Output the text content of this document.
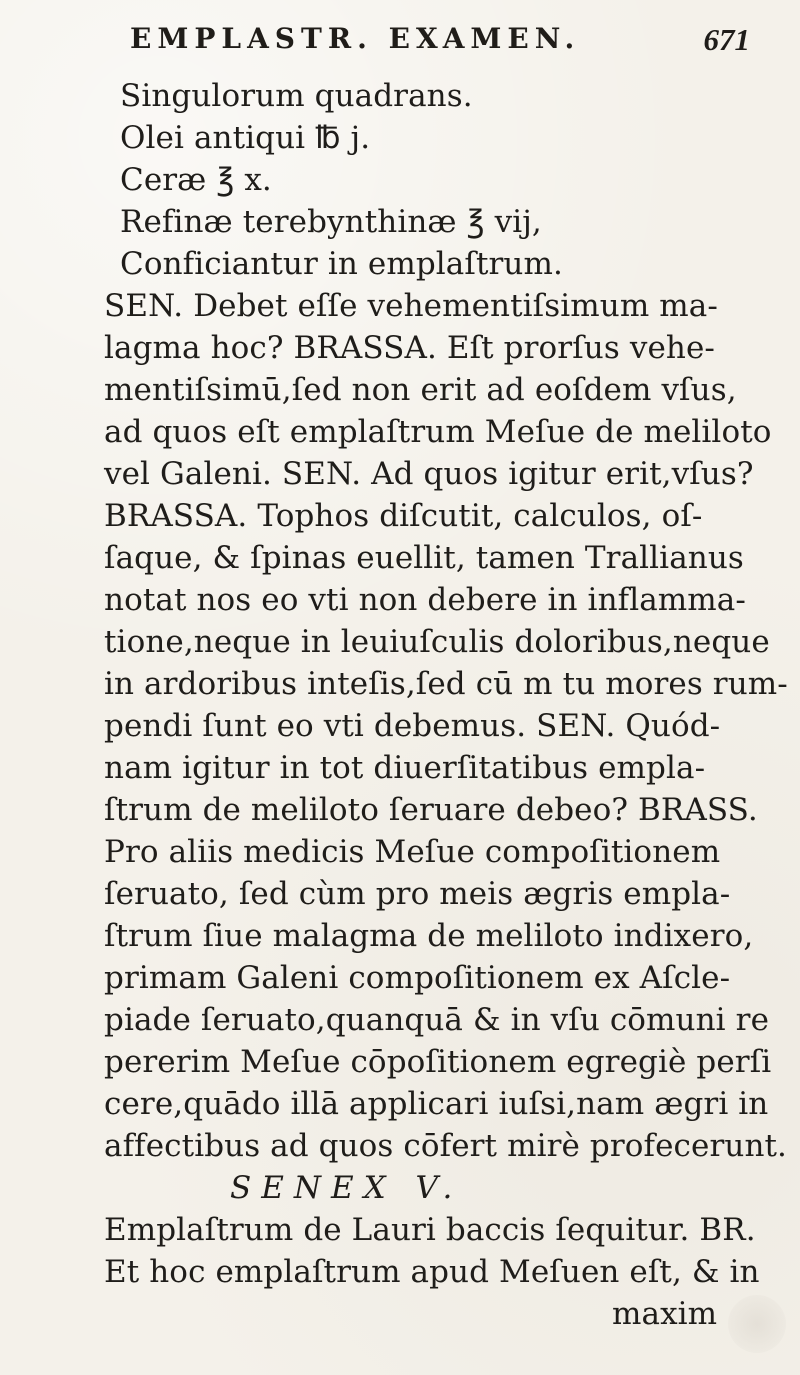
EMPLASTR. EXAMEN.	671
Singulorum quadrans.
Olei antiqui ℔ j.
Ceræ ℥ x.
Refinæ terebynthinæ ℥ vij,
Conficiantur in emplaſtrum.
SEN. Debet eſſe vehementiſsimum ma-
lagma hoc? BRASSA. Eſt prorſus vehe-
mentiſsimū,ſed non erit ad eoſdem vſus,
ad quos eſt emplaſtrum Meſue de meliloto
vel Galeni. SEN. Ad quos igitur erit,vſus?
BRASSA. Tophos diſcutit, calculos, oſ-
ſaque, & ſpinas euellit, tamen Trallianus
notat nos eo vti non debere in inflamma-
tione,neque in leuiuſculis doloribus,neque
in ardoribus inteſis,ſed cū m tu mores rum-
pendi ſunt eo vti debemus. SEN. Quód-
nam igitur in tot diuerſitatibus empla-
ſtrum de meliloto ſeruare debeo? BRASS.
Pro aliis medicis Meſue compoſitionem
ſeruato, ſed cùm pro meis ægris empla-
ſtrum ſiue malagma de meliloto indixero,
primam Galeni compoſitionem ex Aſcle-
piade ſeruato,quanquā & in vſu cōmuni re
pererim Meſue cōpoſitionem egregiè perſi
cere,quādo illā applicari iuſsi,nam ægri in
affectibus ad quos cōfert mirè profecerunt.
SENEX V.
Emplaſtrum de Lauri baccis ſequitur. BR.
Et hoc emplaſtrum apud Meſuen eſt, & in
maxim
